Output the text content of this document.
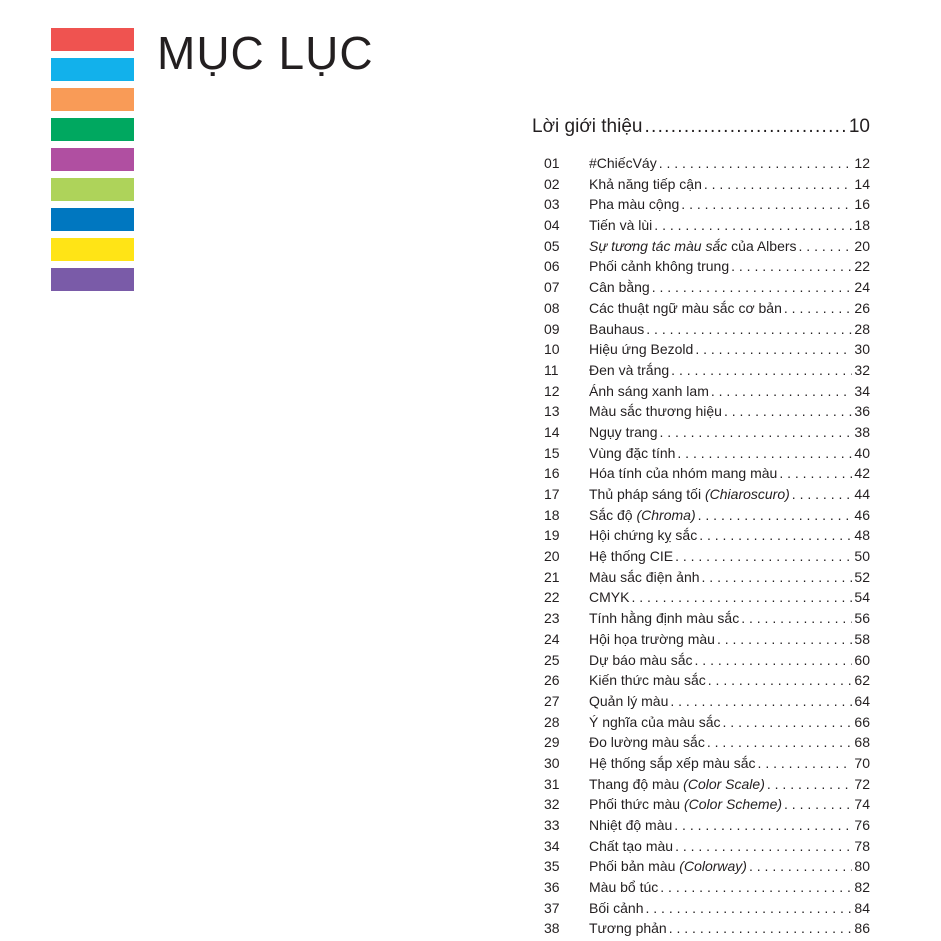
MỤC LỤC
Lời giới thiệu . . .	10
01	#ChiếcVáy . . .	12
02	Khả năng tiếp cận . . .	14
03	Pha màu cộng . . .	16
04	Tiến và lùi . . .	18
05	Sự tương tác màu sắc của Albers . . .	20
06	Phối cảnh không trung . . .	22
07	Cân bằng . . .	24
08	Các thuật ngữ màu sắc cơ bản . . .	26
09	Bauhaus . . .	28
10	Hiệu ứng Bezold . . .	30
11	Đen và trắng . . .	32
12	Ánh sáng xanh lam . . .	34
13	Màu sắc thương hiệu . . .	36
14	Ngụy trang . . .	38
15	Vùng đặc tính . . .	40
16	Hóa tính của nhóm mang màu . . .	42
17	Thủ pháp sáng tối (Chiaroscuro) . . .	44
18	Sắc độ (Chroma) . . .	46
19	Hội chứng kỵ sắc . . .	48
20	Hệ thống CIE . . .	50
21	Màu sắc điện ảnh . . .	52
22	CMYK . . .	54
23	Tính hằng định màu sắc . . .	56
24	Hội họa trường màu . . .	58
25	Dự báo màu sắc . . .	60
26	Kiến thức màu sắc . . .	62
27	Quản lý màu . . .	64
28	Ý nghĩa của màu sắc . . .	66
29	Đo lường màu sắc . . .	68
30	Hệ thống sắp xếp màu sắc . . .	70
31	Thang độ màu (Color Scale) . . .	72
32	Phối thức màu (Color Scheme) . . .	74
33	Nhiệt độ màu . . .	76
34	Chất tạo màu . . .	78
35	Phối bản màu (Colorway) . . .	80
36	Màu bổ túc . . .	82
37	Bối cảnh . . .	84
38	Tương phản . . .	86
